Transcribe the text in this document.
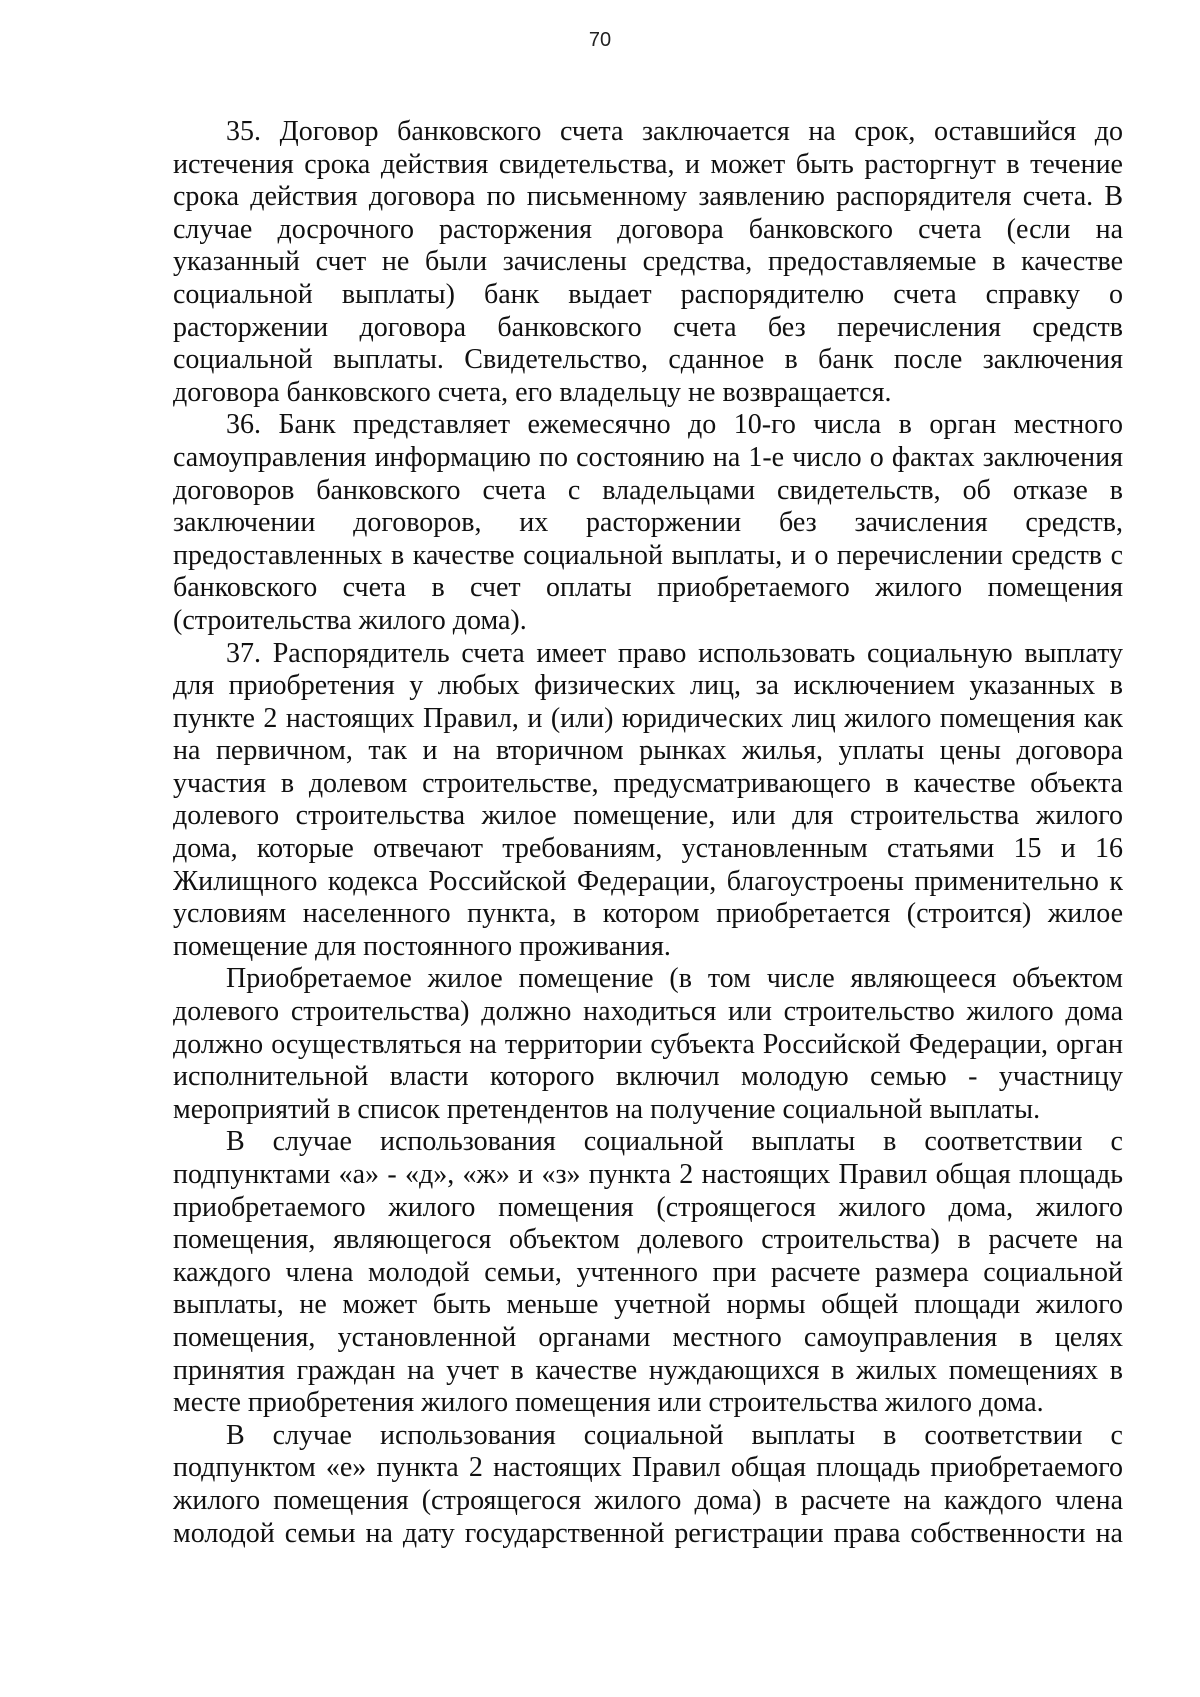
70

35. Договор банковского счета заключается на срок, оставшийся до истечения срока действия свидетельства, и может быть расторгнут в течение срока действия договора по письменному заявлению распорядителя счета. В случае досрочного расторжения договора банковского счета (если на указанный счет не были зачислены средства, предоставляемые в качестве социальной выплаты) банк выдает распорядителю счета справку о расторжении договора банковского счета без перечисления средств социальной выплаты. Свидетельство, сданное в банк после заключения договора банковского счета, его владельцу не возвращается.

36. Банк представляет ежемесячно до 10-го числа в орган местного самоуправления информацию по состоянию на 1-е число о фактах заключения договоров банковского счета с владельцами свидетельств, об отказе в заключении договоров, их расторжении без зачисления средств, предоставленных в качестве социальной выплаты, и о перечислении средств с банковского счета в счет оплаты приобретаемого жилого помещения (строительства жилого дома).

37. Распорядитель счета имеет право использовать социальную выплату для приобретения у любых физических лиц, за исключением указанных в пункте 2 настоящих Правил, и (или) юридических лиц жилого помещения как на первичном, так и на вторичном рынках жилья, уплаты цены договора участия в долевом строительстве, предусматривающего в качестве объекта долевого строительства жилое помещение, или для строительства жилого дома, которые отвечают требованиям, установленным статьями 15 и 16 Жилищного кодекса Российской Федерации, благоустроены применительно к условиям населенного пункта, в котором приобретается (строится) жилое помещение для постоянного проживания.

Приобретаемое жилое помещение (в том числе являющееся объектом долевого строительства) должно находиться или строительство жилого дома должно осуществляться на территории субъекта Российской Федерации, орган исполнительной власти которого включил молодую семью - участницу мероприятий в список претендентов на получение социальной выплаты.

В случае использования социальной выплаты в соответствии с подпунктами «а» - «д», «ж» и «з» пункта 2 настоящих Правил общая площадь приобретаемого жилого помещения (строящегося жилого дома, жилого помещения, являющегося объектом долевого строительства) в расчете на каждого члена молодой семьи, учтенного при расчете размера социальной выплаты, не может быть меньше учетной нормы общей площади жилого помещения, установленной органами местного самоуправления в целях принятия граждан на учет в качестве нуждающихся в жилых помещениях в месте приобретения жилого помещения или строительства жилого дома.

В случае использования социальной выплаты в соответствии с подпунктом «е» пункта 2 настоящих Правил общая площадь приобретаемого жилого помещения (строящегося жилого дома) в расчете на каждого члена молодой семьи на дату государственной регистрации права собственности на
